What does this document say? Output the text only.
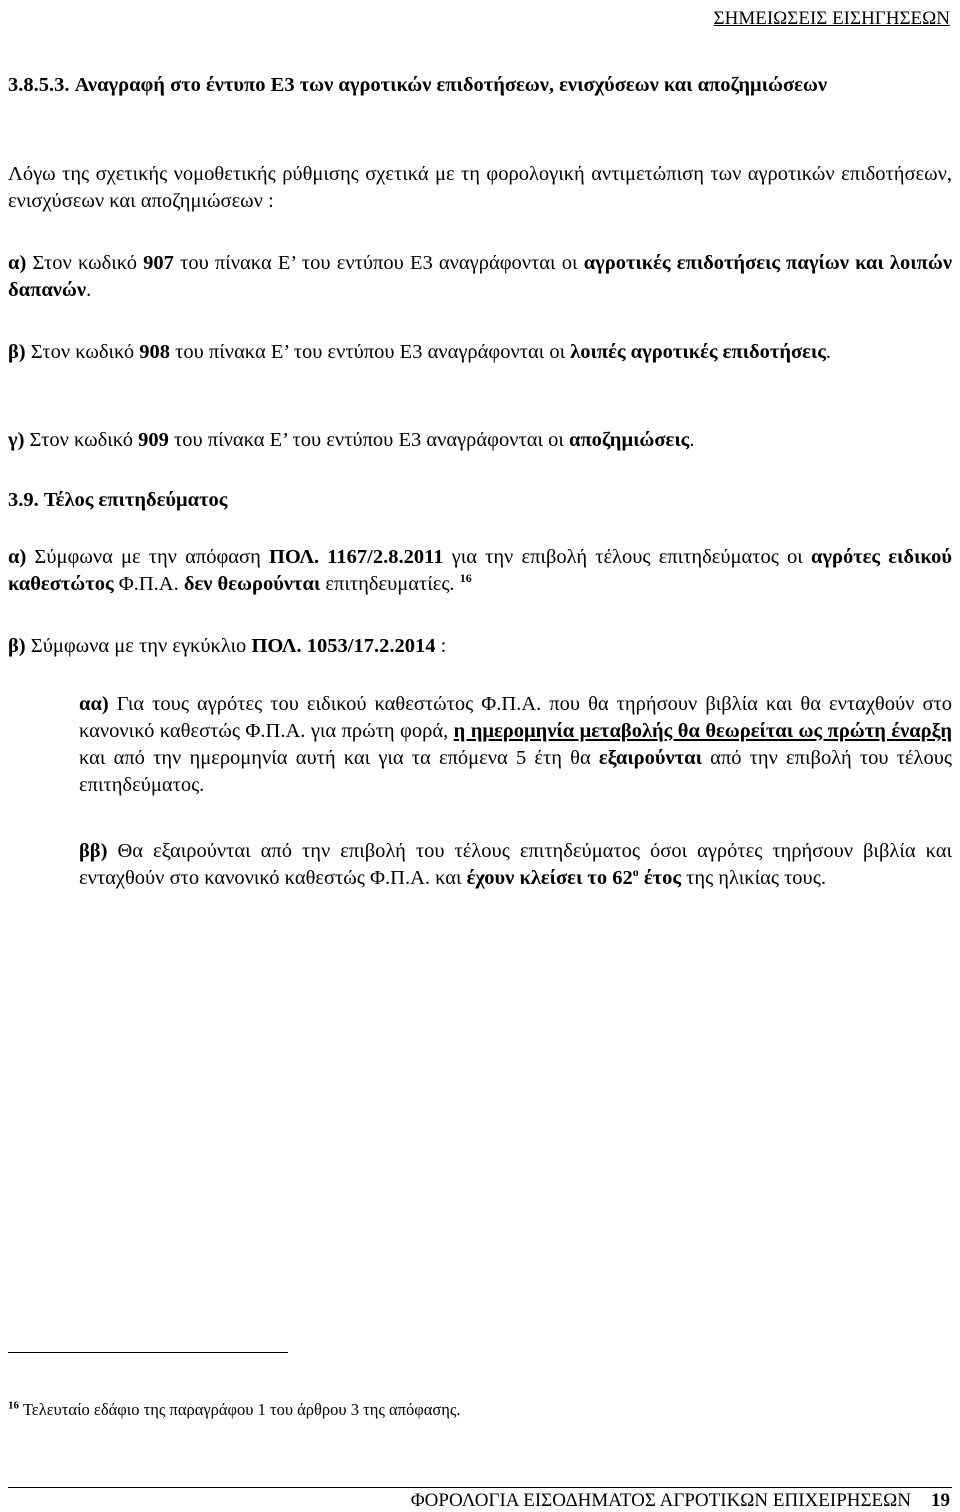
ΣΗΜΕΙΩΣΕΙΣ ΕΙΣΗΓΗΣΕΩΝ

3.8.5.3. Αναγραφή στο έντυπο Ε3 των αγροτικών επιδοτήσεων, ενισχύσεων και αποζημιώσεων

Λόγω της σχετικής νομοθετικής ρύθμισης σχετικά με τη φορολογική αντιμετώπιση των αγροτικών επιδοτήσεων, ενισχύσεων και αποζημιώσεων :

α) Στον κωδικό 907 του πίνακα Ε’ του εντύπου Ε3 αναγράφονται οι αγροτικές επιδοτήσεις παγίων και λοιπών δαπανών.

β) Στον κωδικό 908 του πίνακα Ε’ του εντύπου Ε3 αναγράφονται οι λοιπές αγροτικές επιδοτήσεις.

γ) Στον κωδικό 909 του πίνακα Ε’ του εντύπου Ε3 αναγράφονται οι αποζημιώσεις.

3.9. Τέλος επιτηδεύματος

α) Σύμφωνα με την απόφαση ΠΟΛ. 1167/2.8.2011 για την επιβολή τέλους επιτηδεύματος οι αγρότες ειδικού καθεστώτος Φ.Π.Α. δεν θεωρούνται επιτηδευματίες. $^{16}$

β) Σύμφωνα με την εγκύκλιο ΠΟΛ. 1053/17.2.2014 :

αα) Για τους αγρότες του ειδικού καθεστώτος Φ.Π.Α. που θα τηρήσουν βιβλία και θα ενταχθούν στο κανονικό καθεστώς Φ.Π.Α. για πρώτη φορά, η ημερομηνία μεταβολής θα θεωρείται ως πρώτη έναρξη και από την ημερομηνία αυτή και για τα επόμενα 5 έτη θα εξαιρούνται από την επιβολή του τέλους επιτηδεύματος.

ββ) Θα εξαιρούνται από την επιβολή του τέλους επιτηδεύματος όσοι αγρότες τηρήσουν βιβλία και ενταχθούν στο κανονικό καθεστώς Φ.Π.Α. και έχουν κλείσει το $62^o$ έτος της ηλικίας τους.

$^{16}$ Τελευταίο εδάφιο της παραγράφου 1 του άρθρου 3 της απόφασης.
ΦΟΡΟΛΟΓΙΑ ΕΙΣΟΔΗΜΑΤΟΣ ΑΓΡΟΤΙΚΩΝ ΕΠΙΧΕΙΡΗΣΕΩΝ 19
